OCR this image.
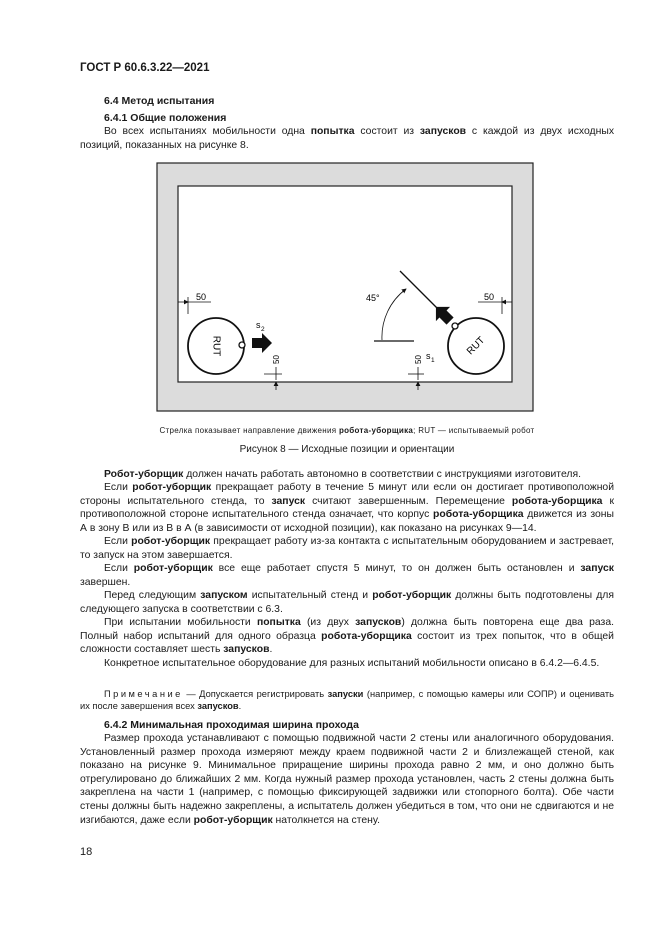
ГОСТ Р 60.6.3.22—2021
6.4 Метод испытания
6.4.1 Общие положения
Во всех испытаниях мобильности одна попытка состоит из запусков с каждой из двух исходных позиций, показанных на рисунке 8.
RUT
s 2
50
50
RUT
45°	50
50 s 1
Стрелка показывает направление движения робота-уборщика; RUT — испытываемый робот
Рисунок 8 — Исходные позиции и ориентации
Робот-уборщик должен начать работать автономно в соответствии с инструкциями изготовителя.
Если робот-уборщик прекращает работу в течение 5 минут или если он достигает противоположной стороны испытательного стенда, то запуск считают завершенным. Перемещение робота-уборщика к противоположной стороне испытательного стенда означает, что корпус робота-уборщика движется из зоны А в зону В или из В в А (в зависимости от исходной позиции), как показано на рисунках 9—14.
Если робот-уборщик прекращает работу из-за контакта с испытательным оборудованием и застревает, то запуск на этом завершается.
Если робот-уборщик все еще работает спустя 5 минут, то он должен быть остановлен и запуск завершен.
Перед следующим запуском испытательный стенд и робот-уборщик должны быть подготовлены для следующего запуска в соответствии с 6.3.
При испытании мобильности попытка (из двух запусков) должна быть повторена еще два раза. Полный набор испытаний для одного образца робота-уборщика состоит из трех попыток, что в общей сложности составляет шесть запусков.
Конкретное испытательное оборудование для разных испытаний мобильности описано в 6.4.2—6.4.5.
Примечание — Допускается регистрировать запуски (например, с помощью камеры или СОПР) и оценивать их после завершения всех запусков.
6.4.2 Минимальная проходимая ширина прохода
Размер прохода устанавливают с помощью подвижной части 2 стены или аналогичного оборудования. Установленный размер прохода измеряют между краем подвижной части 2 и близлежащей стеной, как показано на рисунке 9. Минимальное приращение ширины прохода равно 2 мм, и оно должно быть отрегулировано до ближайших 2 мм. Когда нужный размер прохода установлен, часть 2 стены должна быть закреплена на части 1 (например, с помощью фиксирующей задвижки или стопорного болта). Обе части стены должны быть надежно закреплены, а испытатель должен убедиться в том, что они не сдвигаются и не изгибаются, даже если робот-уборщик натолкнется на стену.
18
